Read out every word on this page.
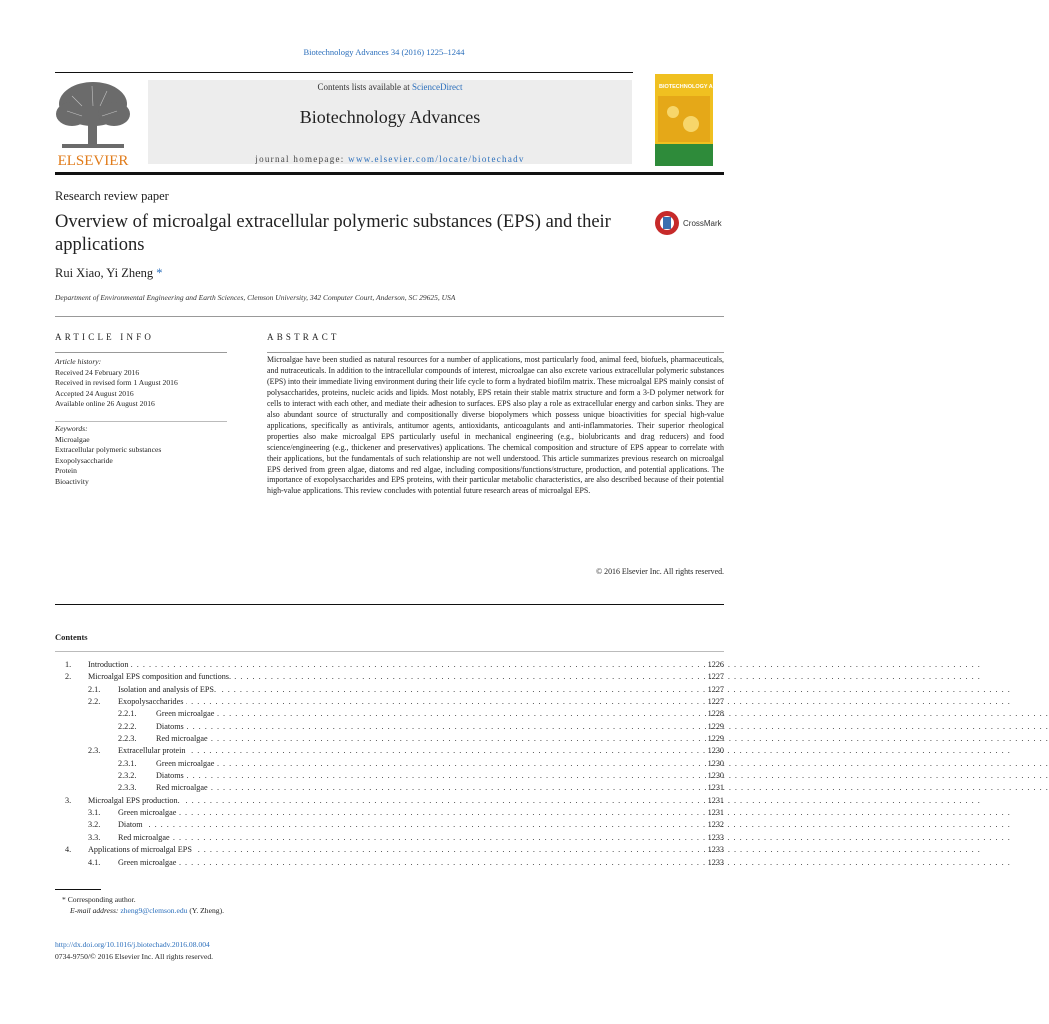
Biotechnology Advances 34 (2016) 1225–1244
ELSEVIER
Contents lists available at ScienceDirect
Biotechnology Advances
journal homepage: www.elsevier.com/locate/biotechadv
BIOTECHNOLOGY ADVANCES
Research review paper
Overview of microalgal extracellular polymeric substances (EPS) and their applications
CrossMark
Rui Xiao, Yi Zheng *
Department of Environmental Engineering and Earth Sciences, Clemson University, 342 Computer Court, Anderson, SC 29625, USA
ARTICLE INFO
Article history:
Received 24 February 2016
Received in revised form 1 August 2016
Accepted 24 August 2016
Available online 26 August 2016
Keywords:
Microalgae
Extracellular polymeric substances
Exopolysaccharide
Protein
Bioactivity
ABSTRACT
Microalgae have been studied as natural resources for a number of applications, most particularly food, animal feed, biofuels, pharmaceuticals, and nutraceuticals. In addition to the intracellular compounds of interest, microalgae can also excrete various extracellular polymeric substances (EPS) into their immediate living environment during their life cycle to form a hydrated biofilm matrix. These microalgal EPS mainly consist of polysaccharides, proteins, nucleic acids and lipids. Most notably, EPS retain their stable matrix structure and form a 3-D polymer network for cells to interact with each other, and mediate their adhesion to surfaces. EPS also play a role as extracellular energy and carbon sinks. They are also abundant source of structurally and compositionally diverse biopolymers which possess unique bioactivities for special high-value applications, specifically as antivirals, antitumor agents, antioxidants, anticoagulants and anti-inflammatories. Their superior rheological properties also make microalgal EPS particularly useful in mechanical engineering (e.g., biolubricants and drag reducers) and food science/engineering (e.g., thickener and preservatives) applications. The chemical composition and structure of EPS appear to correlate with their applications, but the fundamentals of such relationship are not well understood. This article summarizes previous research on microalgal EPS derived from green algae, diatoms and red algae, including compositions/functions/structure, production, and potential applications. The importance of exopolysaccharides and EPS proteins, with their particular metabolic characteristics, are also described because of their potential high-value applications. This review concludes with potential future research areas of microalgal EPS.
© 2016 Elsevier Inc. All rights reserved.
Contents
1. Introduction . . .	1226
2. Microalgal EPS composition and functions. . . .	1227
2.1. Isolation and analysis of EPS. . . .	1227
2.2. Exopolysaccharides . . .	1227
2.2.1. Green microalgae . . .	1228
2.2.2. Diatoms . . .	1229
2.2.3. Red microalgae . . .	1229
2.3. Extracellular protein . . .	1230
2.3.1. Green microalgae . . .	1230
2.3.2. Diatoms . . .	1230
2.3.3. Red microalgae . . .	1231
3. Microalgal EPS production. . . .	1231
3.1. Green microalgae . . .	1231
3.2. Diatom . . .	1232
3.3. Red microalgae . . .	1233
4. Applications of microalgal EPS . . .	1233
4.1. Green microalgae . . .	1233
* Corresponding author.
E-mail address: zheng9@clemson.edu (Y. Zheng).
http://dx.doi.org/10.1016/j.biotechadv.2016.08.004
0734-9750/© 2016 Elsevier Inc. All rights reserved.
